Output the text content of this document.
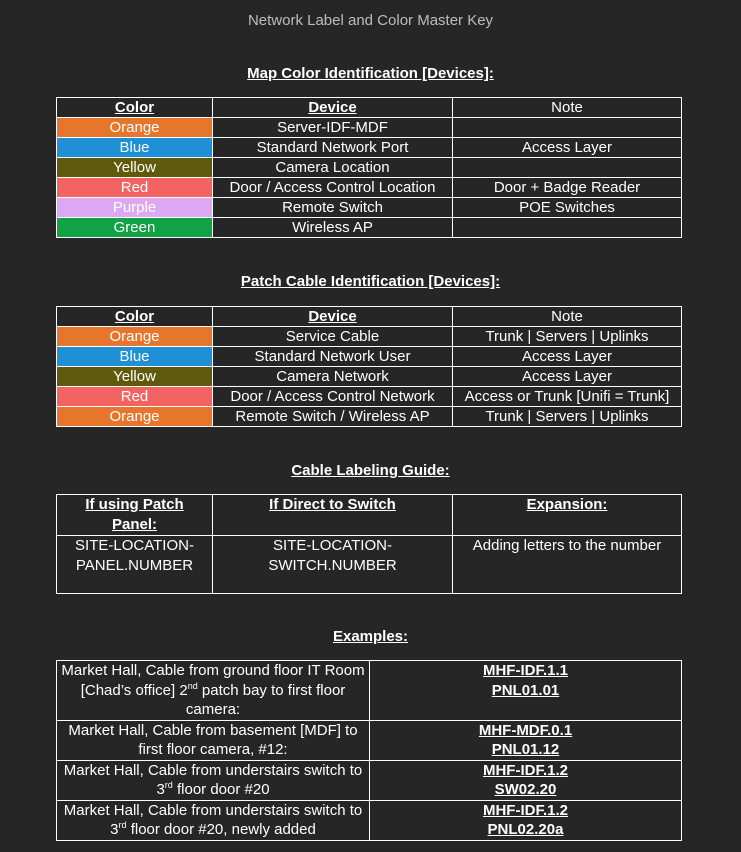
Network Label and Color Master Key
Map Color Identification [Devices]:
Color	Device	Note
Orange	Server-IDF-MDF	
Blue	Standard Network Port	Access Layer
Yellow	Camera Location	
Red	Door / Access Control Location	Door + Badge Reader
Purple	Remote Switch	POE Switches
Green	Wireless AP	
Patch Cable Identification [Devices]:
Color	Device	Note
Orange	Service Cable	Trunk | Servers | Uplinks
Blue	Standard Network User	Access Layer
Yellow	Camera Network	Access Layer
Red	Door / Access Control Network	Access or Trunk [Unifi = Trunk]
Orange	Remote Switch / Wireless AP	Trunk | Servers | Uplinks
Cable Labeling Guide:
If using Patch Panel:	If Direct to Switch	Expansion:
SITE-LOCATION-PANEL.NUMBER	SITE-LOCATION-SWITCH.NUMBER	Adding letters to the number
Examples:
Market Hall, Cable from ground floor IT Room [Chad’s office] 2nd patch bay to first floor camera:	MHF-IDF.1.1
PNL01.01

Market Hall, Cable from basement [MDF] to first floor camera, #12:	MHF-MDF.0.1
PNL01.12

Market Hall, Cable from understairs switch to 3rd floor door #20	MHF-IDF.1.2
SW02.20

Market Hall, Cable from understairs switch to 3rd floor door #20, newly added	MHF-IDF.1.2
PNL02.20a
